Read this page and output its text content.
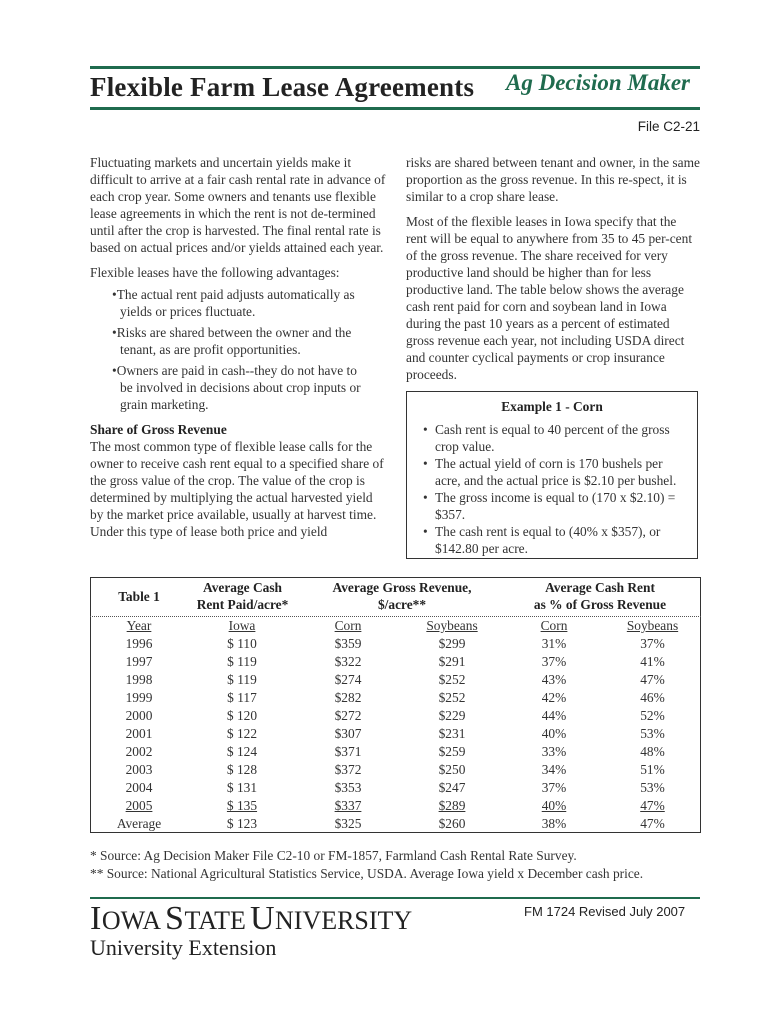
Flexible Farm Lease Agreements Ag Decision Maker
File C2-21

Fluctuating markets and uncertain yields make it difficult to arrive at a fair cash rental rate in advance of each crop year. Some owners and tenants use flexible lease agreements in which the rent is not de-termined until after the crop is harvested. The final rental rate is based on actual prices and/or yields attained each year.

Flexible leases have the following advantages:

•The actual rent paid adjusts automatically as
yields or prices fluctuate.
•Risks are shared between the owner and the
tenant, as are profit opportunities.
•Owners are paid in cash--they do not have to
be involved in decisions about crop inputs or
grain marketing.
Share of Gross Revenue

The most common type of flexible lease calls for the owner to receive cash rent equal to a specified share of the gross value of the crop. The value of the crop is determined by multiplying the actual harvested yield by the market price available, usually at harvest time. Under this type of lease both price and yield

risks are shared between tenant and owner, in the same proportion as the gross revenue. In this re-spect, it is similar to a crop share lease.

Most of the flexible leases in Iowa specify that the rent will be equal to anywhere from 35 to 45 per-cent of the gross revenue. The share received for very productive land should be higher than for less productive land. The table below shows the average cash rent paid for corn and soybean land in Iowa during the past 10 years as a percent of estimated gross revenue each year, not including USDA direct and counter cyclical payments or crop insurance proceeds.

Example 1 - Corn
• Cash rent is equal to 40 percent of the gross crop value.
• The actual yield of corn is 170 bushels per acre, and the actual price is $2.10 per bushel.
• The gross income is equal to (170 x $2.10) = $357.
• The cash rent is equal to (40% x $357), or $142.80 per acre.
Table 1
Average Cash
Rent Paid/acre*
Average Gross Revenue,
$/acre**
Average Cash Rent
as % of Gross Revenue
Year	Iowa	Corn	Soybeans	Corn	Soybeans
1996	$ 110	$359	$299	31%	37%
1997	$ 119	$322	$291	37%	41%
1998	$ 119	$274	$252	43%	47%
1999	$ 117	$282	$252	42%	46%
2000	$ 120	$272	$229	44%	52%
2001	$ 122	$307	$231	40%	53%
2002	$ 124	$371	$259	33%	48%
2003	$ 128	$372	$250	34%	51%
2004	$ 131	$353	$247	37%	53%
2005	$ 135	$337	$289	40%	47%
Average	$ 123	$325	$260	38%	47%
* Source: Ag Decision Maker File C2-10 or FM-1857, Farmland Cash Rental Rate Survey.
** Source: National Agricultural Statistics Service, USDA. Average Iowa yield x December cash price.
IOWA STATE UNIVERSITY
University Extension
FM 1724 Revised July 2007
